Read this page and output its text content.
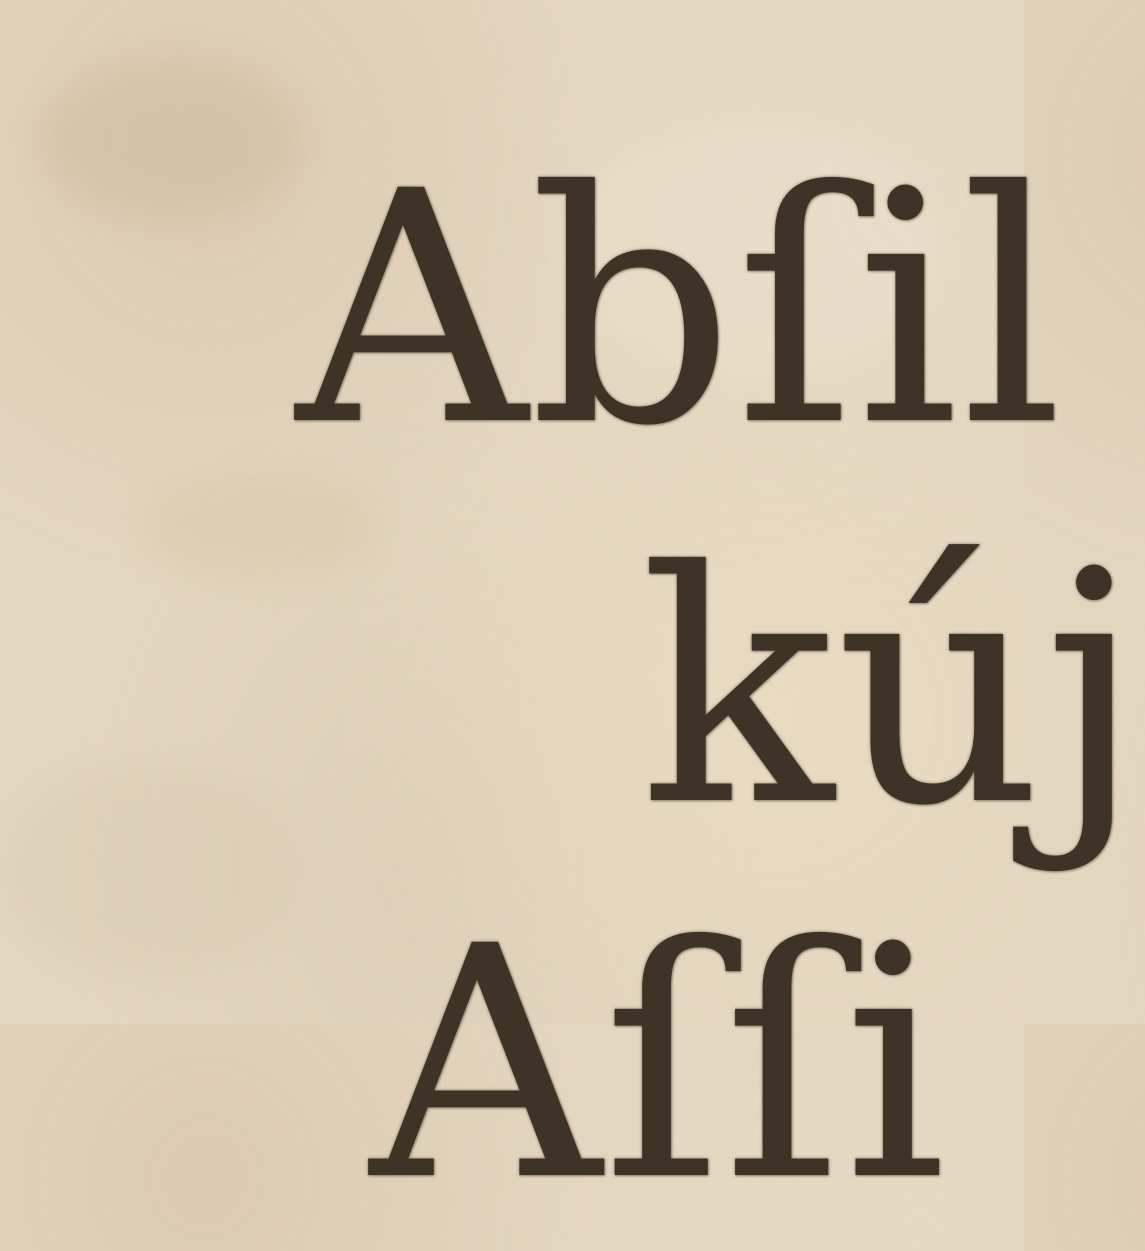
Abſil
kúj
Aſſi
